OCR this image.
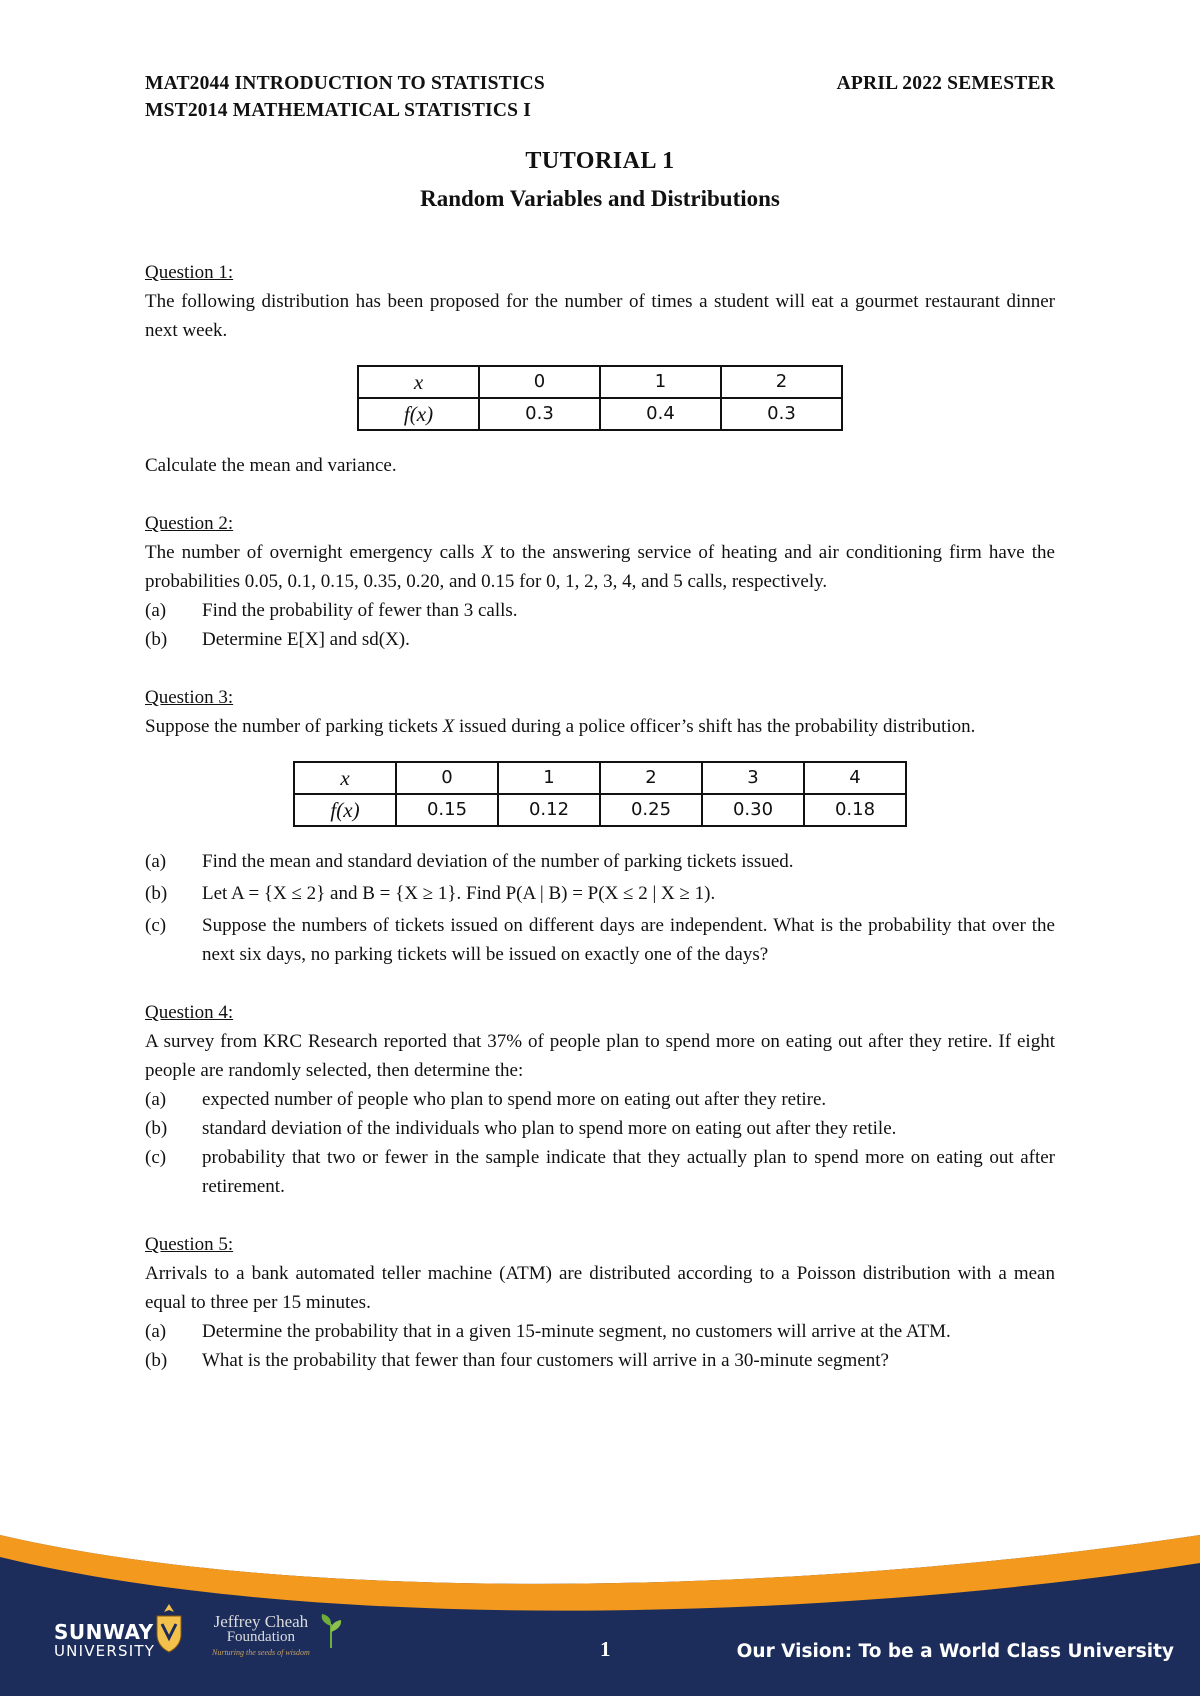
MAT2044 INTRODUCTION TO STATISTICS	APRIL 2022 SEMESTER
MST2014 MATHEMATICAL STATISTICS I
TUTORIAL 1
Random Variables and Distributions
Question 1:
The following distribution has been proposed for the number of times a student will eat a gourmet restaurant dinner next week.
x	0	1	2
f(x)	0.3	0.4	0.3
Calculate the mean and variance.
Question 2:
The number of overnight emergency calls X to the answering service of heating and air conditioning firm have the probabilities 0.05, 0.1, 0.15, 0.35, 0.20, and 0.15 for 0, 1, 2, 3, 4, and 5 calls, respectively.
(a)	Find the probability of fewer than 3 calls.
(b)	Determine E[X] and sd(X).
Question 3:
Suppose the number of parking tickets X issued during a police officer’s shift has the probability distribution.
x	0	1	2	3	4
f(x)	0.15	0.12	0.25	0.30	0.18
(a)	Find the mean and standard deviation of the number of parking tickets issued.
(b)	Let A = {X ≤ 2} and B = {X ≥ 1}. Find P(A | B) = P(X ≤ 2 | X ≥ 1).
(c)	Suppose the numbers of tickets issued on different days are independent. What is the probability that over the next six days, no parking tickets will be issued on exactly one of the days?
Question 4:
A survey from KRC Research reported that 37% of people plan to spend more on eating out after they retire. If eight people are randomly selected, then determine the:
(a)	expected number of people who plan to spend more on eating out after they retire.
(b)	standard deviation of the individuals who plan to spend more on eating out after they retile.
(c)	probability that two or fewer in the sample indicate that they actually plan to spend more on eating out after retirement.
Question 5:
Arrivals to a bank automated teller machine (ATM) are distributed according to a Poisson distribution with a mean equal to three per 15 minutes.
(a)	Determine the probability that in a given 15-minute segment, no customers will arrive at the ATM.
(b)	What is the probability that fewer than four customers will arrive in a 30-minute segment?
SUNWAY
UNIVERSITY
Jeffrey Cheah
Foundation
Nurturing the seeds of wisdom	1	Our Vision: To be a World Class University
